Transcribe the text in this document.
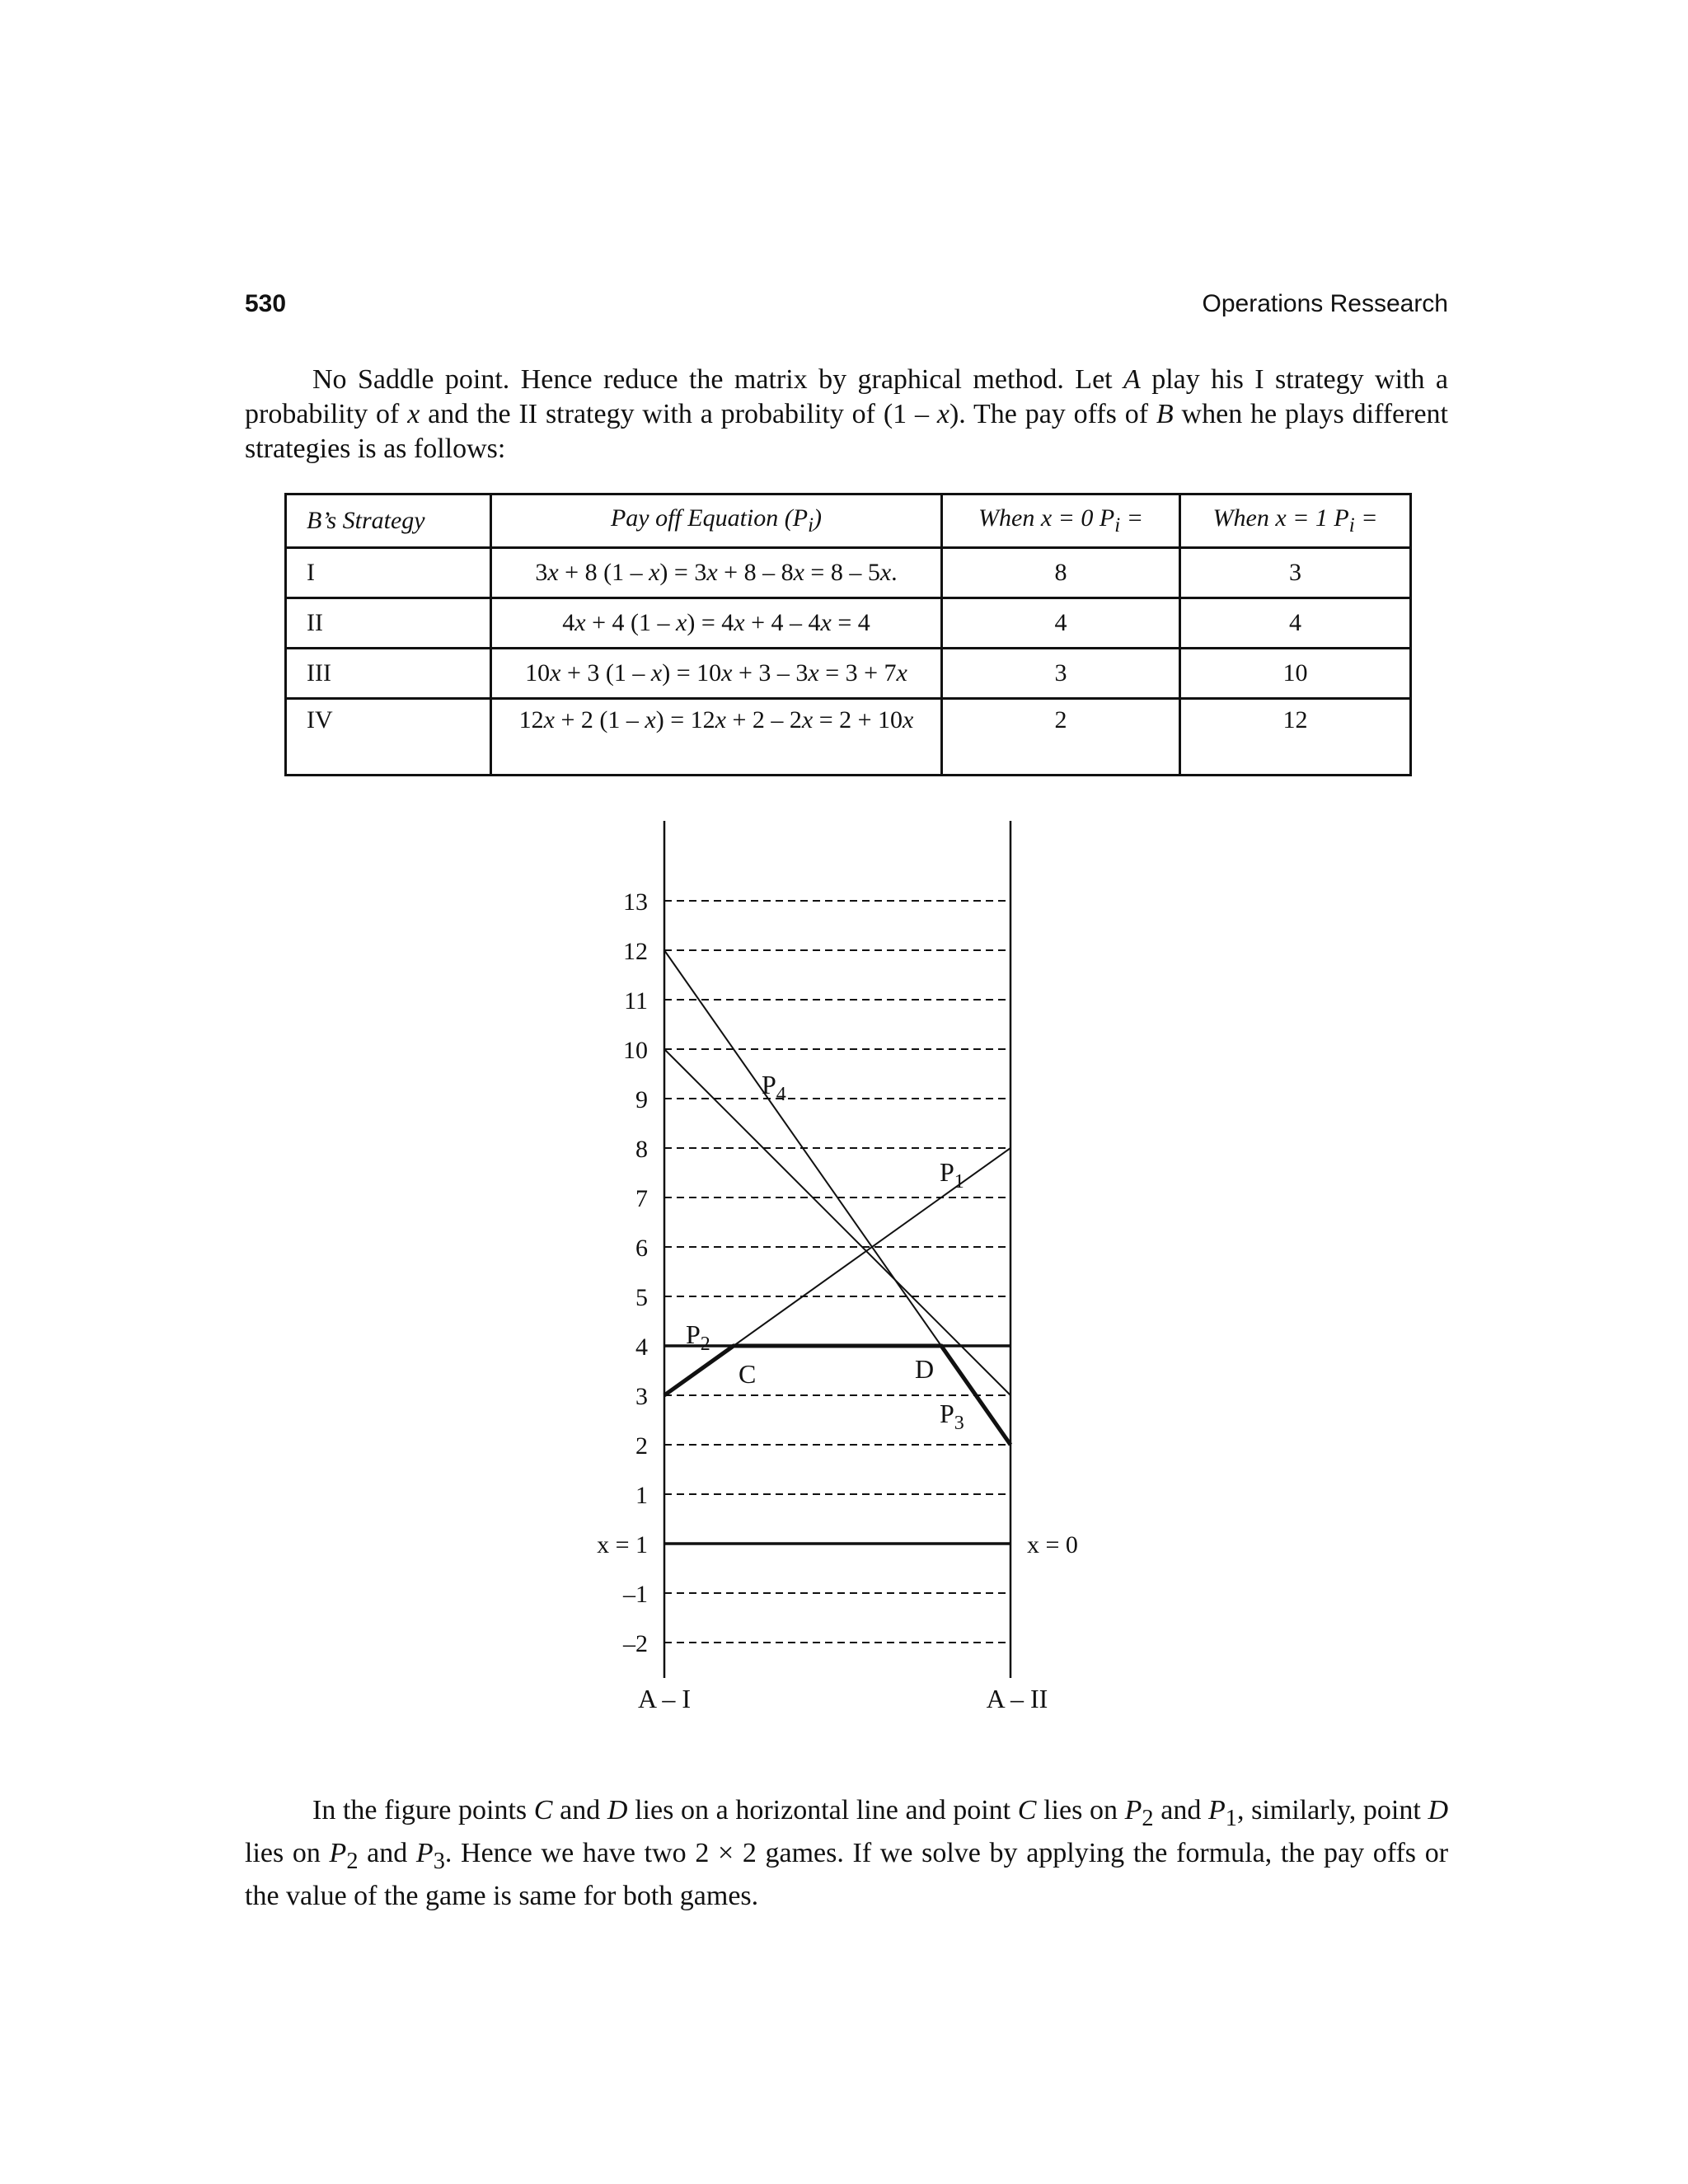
530	Operations Ressearch

No Saddle point. Hence reduce the matrix by graphical method. Let A play his I strategy with a probability of x and the II strategy with a probability of (1 – x). The pay offs of B when he plays different strategies is as follows:

B’s Strategy	Pay off Equation $(P_i)$	When x = 0 $P_i$ =	When x = 1 $P_i$ =
I	3x + 8 (1 – x) = 3x + 8 – 8x = 8 – 5x.	8	3
II	4x + 4 (1 – x) = 4x + 4 – 4x = 4	4	4
III	10x + 3 (1 – x) = 10x + 3 – 3x = 3 + 7x	3	10
IV	12x + 2 (1 – x) = 12x + 2 – 2x = 2 + 10x	2	12
13
12
11
10
9
8
7
6
5
4
3
2
1
x = 1
–1
–2
x = 0
A – I	A – II
$P_4$
$P_1$
$P_2$
$P_3$
C	D

In the figure points C and D lies on a horizontal line and point C lies on $P_2$ and $P_1$, similarly, point D lies on $P_2$ and $P_3$. Hence we have two 2 × 2 games. If we solve by applying the formula, the pay offs or the value of the game is same for both games.
